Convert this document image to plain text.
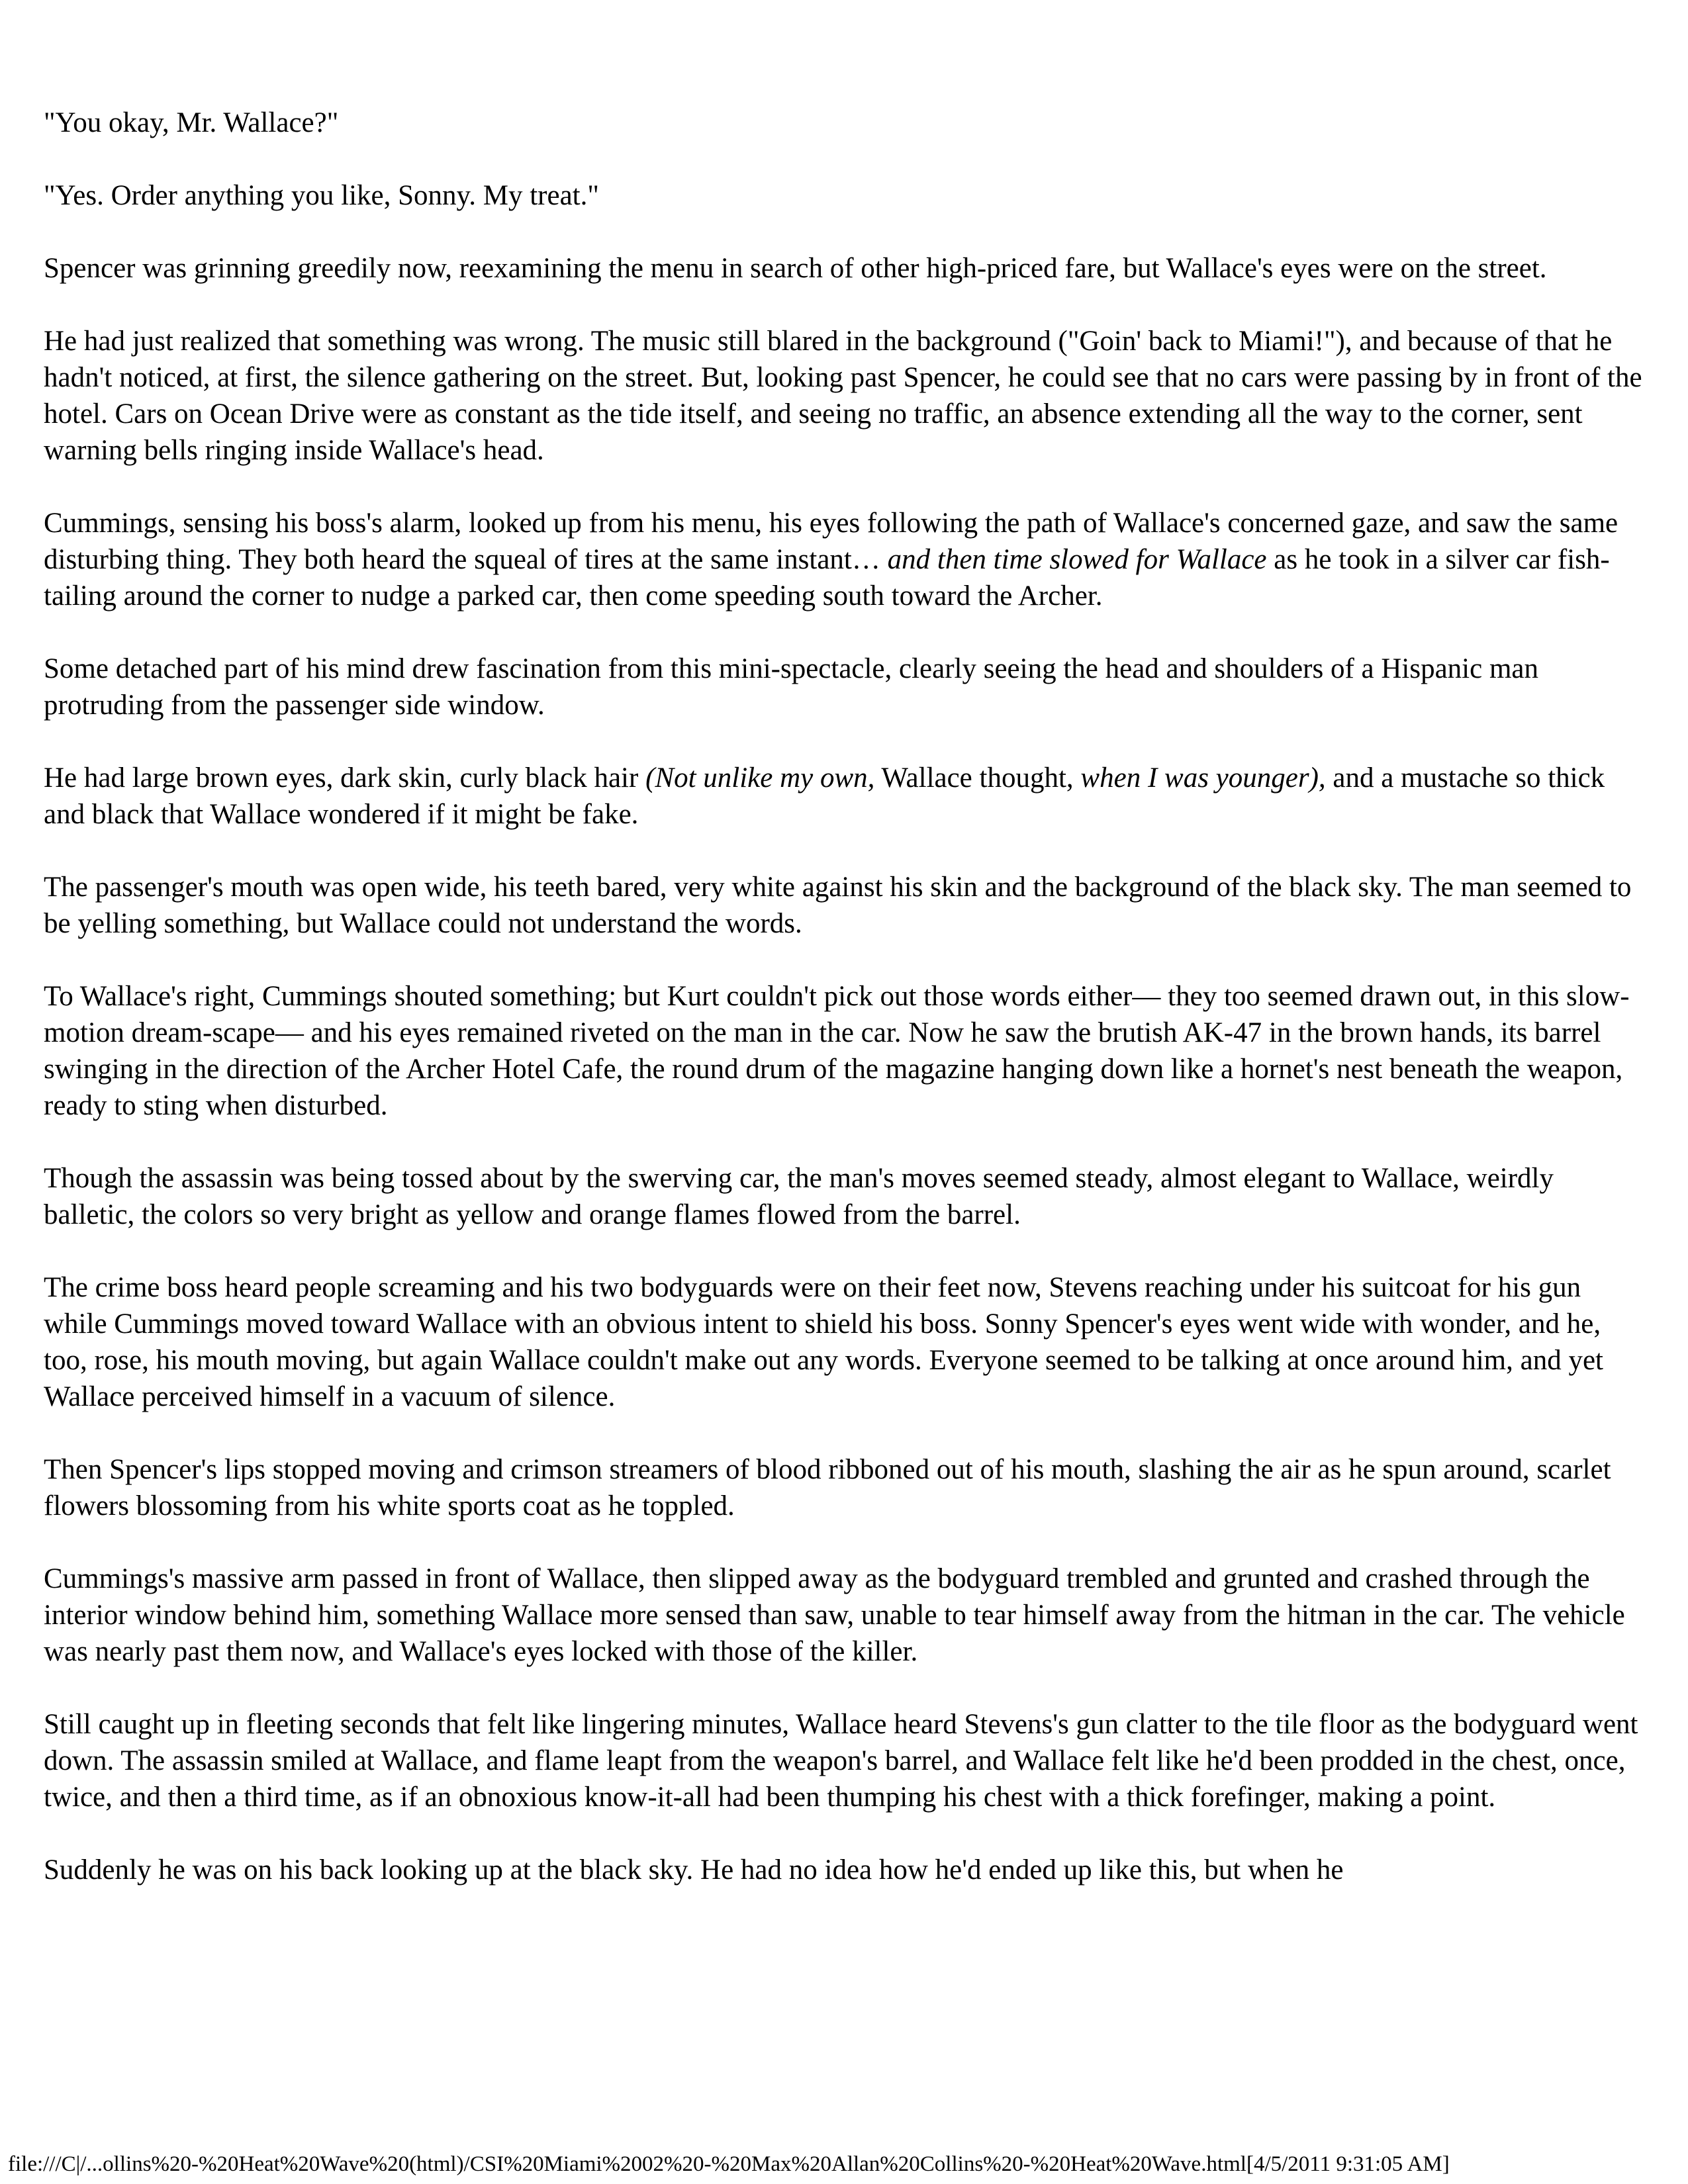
"You okay, Mr. Wallace?"

"Yes. Order anything you like, Sonny. My treat."

Spencer was grinning greedily now, reexamining the menu in search of other high-priced fare, but Wallace's eyes were on the street.

He had just realized that something was wrong. The music still blared in the background ("Goin' back to Miami!"), and because of that he hadn't noticed, at first, the silence gathering on the street. But, looking past Spencer, he could see that no cars were passing by in front of the hotel. Cars on Ocean Drive were as constant as the tide itself, and seeing no traffic, an absence extending all the way to the corner, sent warning bells ringing inside Wallace's head.

Cummings, sensing his boss's alarm, looked up from his menu, his eyes following the path of Wallace's concerned gaze, and saw the same disturbing thing. They both heard the squeal of tires at the same instant… and then time slowed for Wallace as he took in a silver car fish-tailing around the corner to nudge a parked car, then come speeding south toward the Archer.

Some detached part of his mind drew fascination from this mini-spectacle, clearly seeing the head and shoulders of a Hispanic man protruding from the passenger side window.

He had large brown eyes, dark skin, curly black hair (Not unlike my own, Wallace thought, when I was younger), and a mustache so thick and black that Wallace wondered if it might be fake.

The passenger's mouth was open wide, his teeth bared, very white against his skin and the background of the black sky. The man seemed to be yelling something, but Wallace could not understand the words.

To Wallace's right, Cummings shouted something; but Kurt couldn't pick out those words either— they too seemed drawn out, in this slow-motion dream-scape— and his eyes remained riveted on the man in the car. Now he saw the brutish AK-47 in the brown hands, its barrel swinging in the direction of the Archer Hotel Cafe, the round drum of the magazine hanging down like a hornet's nest beneath the weapon, ready to sting when disturbed.

Though the assassin was being tossed about by the swerving car, the man's moves seemed steady, almost elegant to Wallace, weirdly balletic, the colors so very bright as yellow and orange flames flowed from the barrel.

The crime boss heard people screaming and his two bodyguards were on their feet now, Stevens reaching under his suitcoat for his gun while Cummings moved toward Wallace with an obvious intent to shield his boss. Sonny Spencer's eyes went wide with wonder, and he, too, rose, his mouth moving, but again Wallace couldn't make out any words. Everyone seemed to be talking at once around him, and yet Wallace perceived himself in a vacuum of silence.

Then Spencer's lips stopped moving and crimson streamers of blood ribboned out of his mouth, slashing the air as he spun around, scarlet flowers blossoming from his white sports coat as he toppled.

Cummings's massive arm passed in front of Wallace, then slipped away as the bodyguard trembled and grunted and crashed through the interior window behind him, something Wallace more sensed than saw, unable to tear himself away from the hitman in the car. The vehicle was nearly past them now, and Wallace's eyes locked with those of the killer.

Still caught up in fleeting seconds that felt like lingering minutes, Wallace heard Stevens's gun clatter to the tile floor as the bodyguard went down. The assassin smiled at Wallace, and flame leapt from the weapon's barrel, and Wallace felt like he'd been prodded in the chest, once, twice, and then a third time, as if an obnoxious know-it-all had been thumping his chest with a thick forefinger, making a point.

Suddenly he was on his back looking up at the black sky. He had no idea how he'd ended up like this, but when he

file:///C|/...ollins%20-%20Heat%20Wave%20(html)/CSI%20Miami%2002%20-%20Max%20Allan%20Collins%20-%20Heat%20Wave.html[4/5/2011 9:31:05 AM]
